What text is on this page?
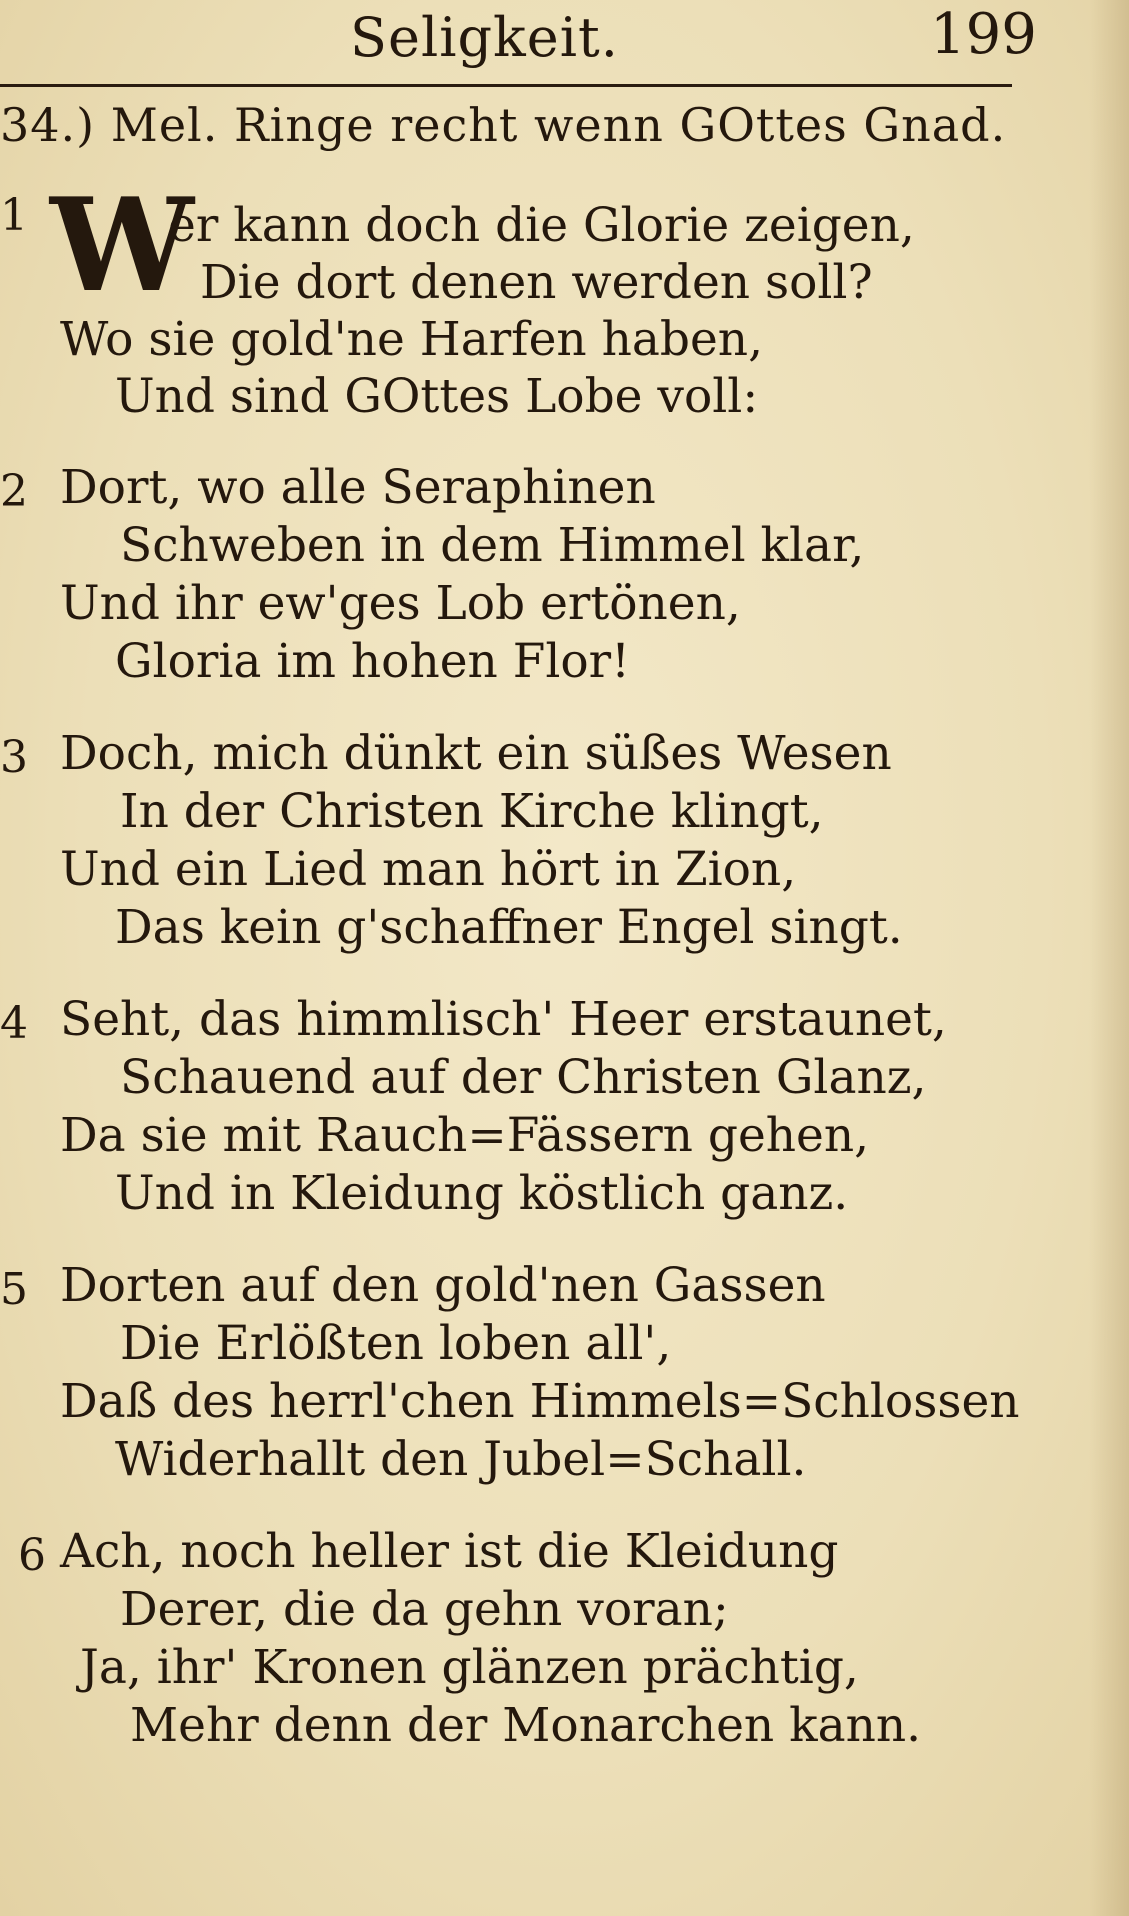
Seligkeit.	199
34.) Mel. Ringe recht wenn GOttes Gnad.
1 W
er kann doch die Glorie zeigen,
Die dort denen werden soll?
Wo sie gold'ne Harfen haben,
Und sind GOttes Lobe voll:
2 Dort, wo alle Seraphinen
Schweben in dem Himmel klar,
Und ihr ew'ges Lob ertönen,
Gloria im hohen Flor!
3 Doch, mich dünkt ein süßes Wesen
In der Christen Kirche klingt,
Und ein Lied man hört in Zion,
Das kein g'schaffner Engel singt.
4 Seht, das himmlisch' Heer erstaunet,
Schauend auf der Christen Glanz,
Da sie mit Rauch=Fässern gehen,
Und in Kleidung köstlich ganz.
5 Dorten auf den gold'nen Gassen
Die Erlößten loben all',
Daß des herrl'chen Himmels=Schlossen
Widerhallt den Jubel=Schall.
6 Ach, noch heller ist die Kleidung
Derer, die da gehn voran;
Ja, ihr' Kronen glänzen prächtig,
Mehr denn der Monarchen kann.
